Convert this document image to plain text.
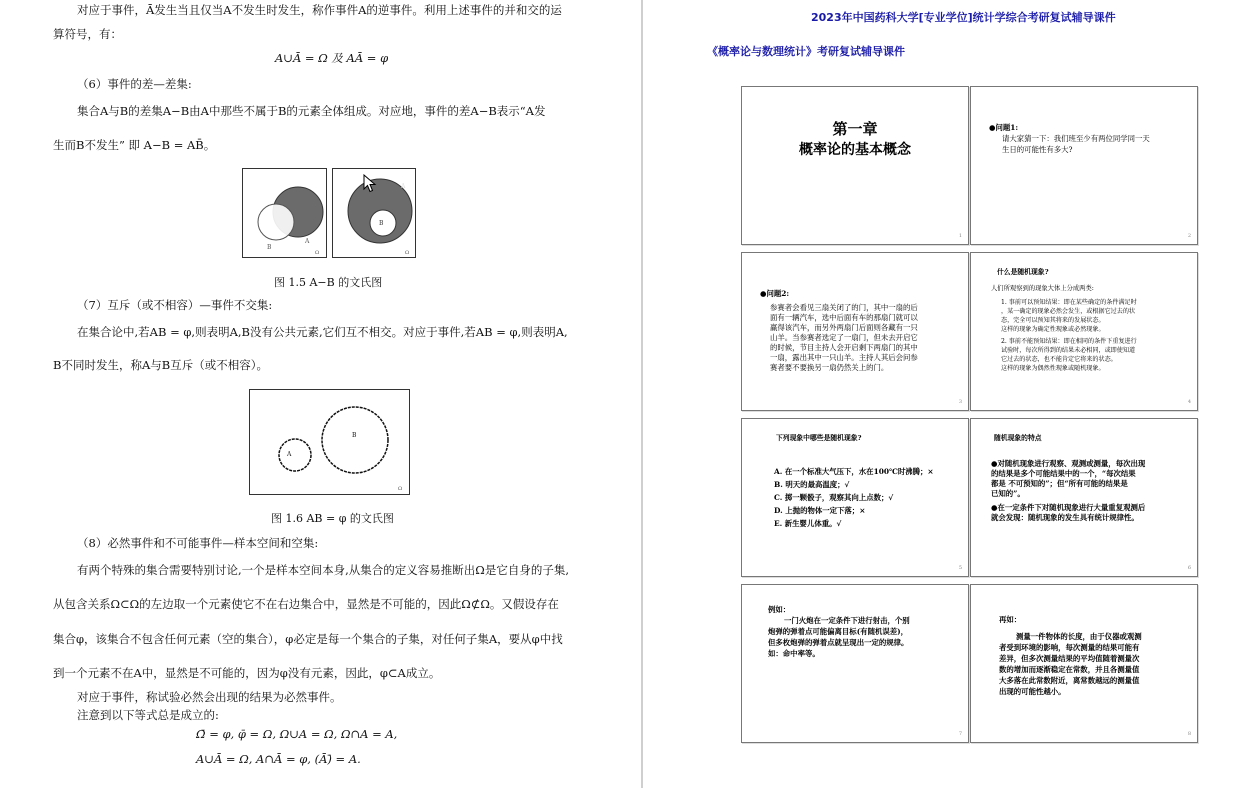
对应于事件，Ā发生当且仅当A不发生时发生，称作事件A的逆事件。利用上述事件的并和交的运
算符号，有：
A∪Ā = Ω 及 AĀ = φ
（6）事件的差—差集:
集合A与B的差集A−B由A中那些不属于B的元素全体组成。对应地，事件的差A−B表示“A发
生而B不发生” 即 A−B = AB̄。
B
A
Ω
A
B
Ω
图 1.5 A−B 的文氏图
（7）互斥（或不相容）—事件不交集:
在集合论中,若AB = φ,则表明A,B没有公共元素,它们互不相交。对应于事件,若AB = φ,则表明A,
B不同时发生，称A与B互斥（或不相容）。
A
B
Ω
图 1.6 AB = φ 的文氏图
（8）必然事件和不可能事件—样本空间和空集:
有两个特殊的集合需要特别讨论,一个是样本空间本身,从集合的定义容易推断出Ω是它自身的子集,
从包含关系Ω⊂Ω的左边取一个元素使它不在右边集合中，显然是不可能的，因此Ω⊄Ω。又假设存在
集合φ，该集合不包含任何元素（空的集合），φ必定是每一个集合的子集，对任何子集A，要从φ中找
到一个元素不在A中，显然是不可能的，因为φ没有元素，因此，φ⊂A成立。
对应于事件，称试验必然会出现的结果为必然事件。
注意到以下等式总是成立的:
Ω̄ = φ, φ̄ = Ω, Ω∪A = Ω, Ω∩A = A,
A∪Ā = Ω, A∩Ā = φ, (Ā)̄ = A.
2023年中国药科大学[专业学位]统计学综合考研复试辅导课件
《概率论与数理统计》考研复试辅导课件
第一章
概率论的基本概念
1
●问题1:
请大家猜一下：我们班至少有两位同学同一天
生日的可能性有多大?
2
●问题2:
参赛者会看见三扇关闭了的门，其中一扇的后
面有一辆汽车，选中后面有车的那扇门就可以
赢得该汽车，而另外两扇门后面则各藏有一只
山羊。当参赛者选定了一扇门，但未去开启它
的时候，节目主持人会开启剩下两扇门的其中
一扇，露出其中一只山羊。主持人其后会问参
赛者要不要换另一扇仍然关上的门。
3
什么是随机现象?
人们所观察到的现象大体上分成两类:
1. 事前可以预知结果：即在某些确定的条件满足时
，某一确定的现象必然会发生，或根据它过去的状
态，完全可以预知其将来的发展状态。
这样的现象为确定性现象或必然现象。
2. 事前不能预知结果：即在相同的条件下重复进行
试验时，每次所得到的结果未必相同，或即使知道
它过去的状态，也不能肯定它将来的状态。
这样的现象为偶然性现象或随机现象。
4
下列现象中哪些是随机现象?
A. 在一个标准大气压下，水在100℃时沸腾；×
B. 明天的最高温度；√
C. 掷一颗骰子，观察其向上点数；√
D. 上抛的物体一定下落；×
E. 新生婴儿体重。√
5
随机现象的特点
●对随机现象进行观察、观测或测量，每次出现
的结果是多个可能结果中的一个，“每次结果
都是 不可预知的”；但“所有可能的结果是
已知的”。
●在一定条件下对随机现象进行大量重复观测后
就会发现：随机现象的发生具有统计规律性。
6
例如：
一门火炮在一定条件下进行射击，个别
炮弹的弹着点可能偏离目标(有随机误差)，
但多枚炮弹的弹着点就呈现出一定的规律。
如：命中率等。
7
再如：
测量一件物体的长度，由于仪器或观测
者受到环境的影响，每次测量的结果可能有
差异，但多次测量结果的平均值随着测量次
数的增加而逐渐稳定在常数，并且各测量值
大多落在此常数附近，离常数越远的测量值
出现的可能性越小。
8
